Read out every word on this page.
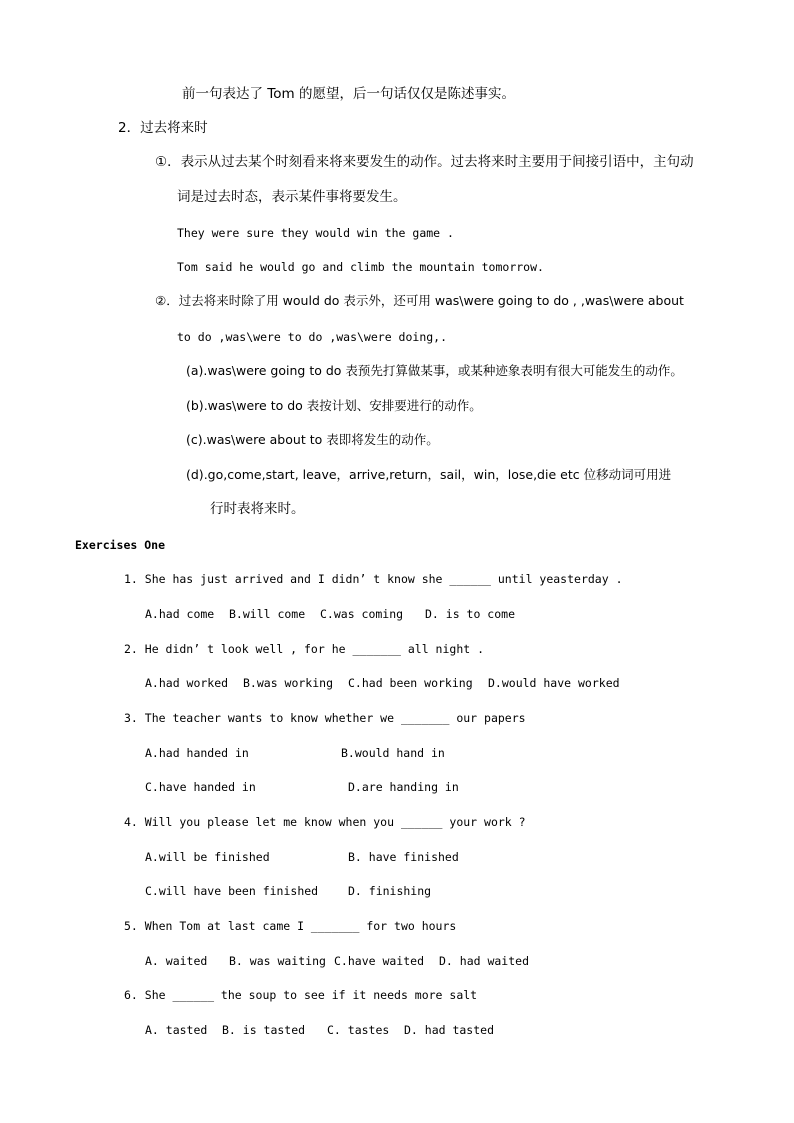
前一句表达了 Tom 的愿望，后一句话仅仅是陈述事实。
2．过去将来时
①．表示从过去某个时刻看来将来要发生的动作。过去将来时主要用于间接引语中，主句动
词是过去时态，表示某件事将要发生。
They were sure they would win the game .
Tom said he would go and climb the mountain tomorrow.
②．过去将来时除了用 would do 表示外，还可用 was\were going to do , ,was\were about
to do ,was\were to do ,was\were doing,.
(a).was\were going to do 表预先打算做某事，或某种迹象表明有很大可能发生的动作。
(b).was\were to do 表按计划、安排要进行的动作。
(c).was\were about to 表即将发生的动作。
(d).go,come,start, leave，arrive,return，sail，win，lose,die etc 位移动词可用进
行时表将来时。
Exercises One
1. She has just arrived and I didn’ t know she ______ until yeasterday .
A.had come B.will come C.was coming D. is to come
2. He didn’ t look well , for he _______ all night .
A.had worked B.was working C.had been working D.would have worked
3. The teacher wants to know whether we _______ our papers
A.had handed in	B.would hand in
C.have handed in	D.are handing in
4. Will you please let me know when you ______ your work ?
A.will be finished	B. have finished
C.will have been finished	D. finishing
5. When Tom at last came I _______ for two hours
A. waited B. was waiting C.have waited D. had waited
6. She ______ the soup to see if it needs more salt
A. tasted B. is tasted C. tastes D. had tasted
